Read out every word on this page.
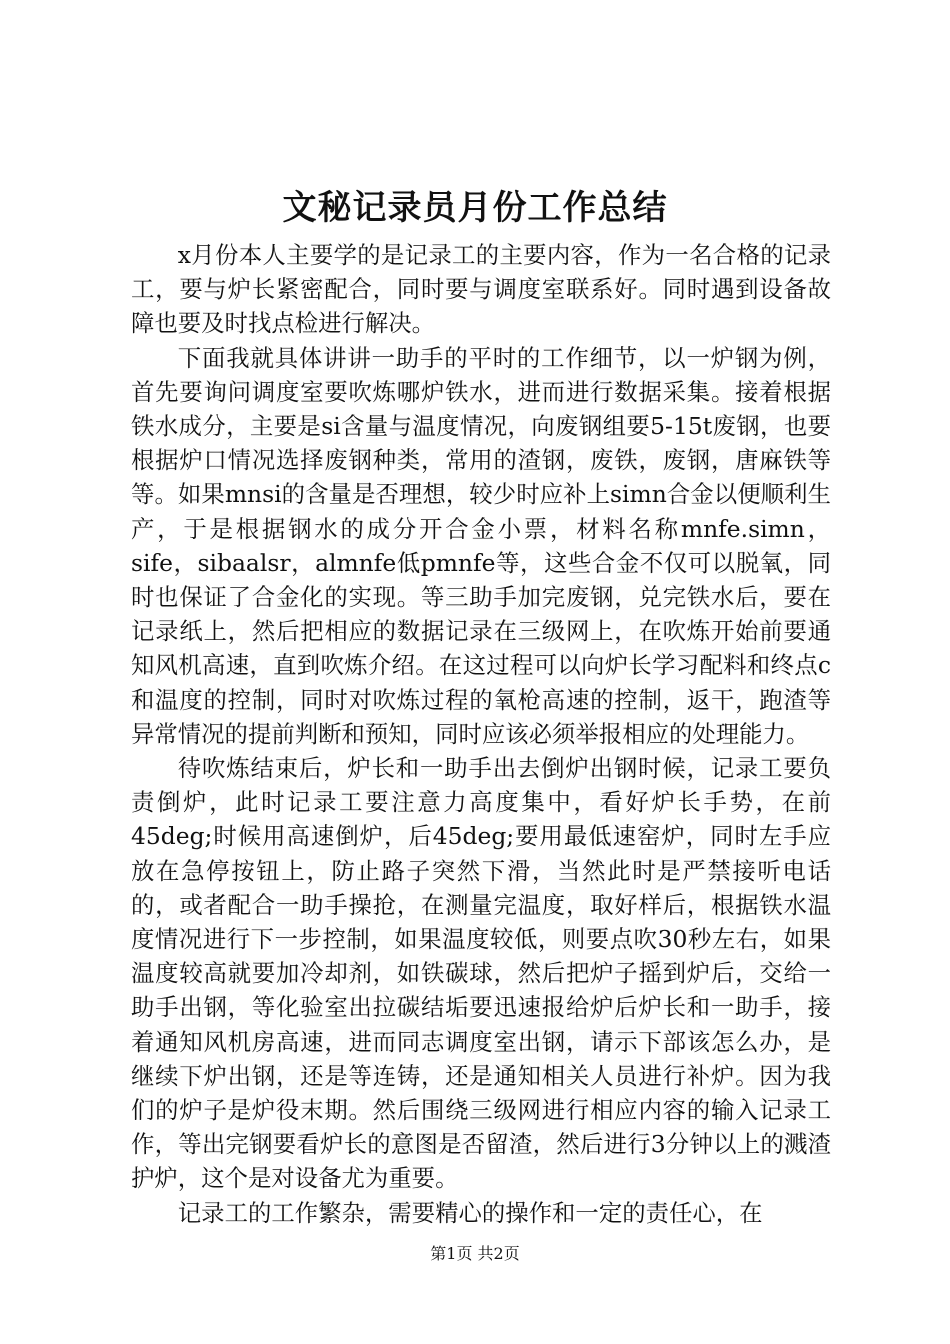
文秘记录员月份工作总结

x月份本人主要学的是记录工的主要内容，作为一名合格的记录工，要与炉长紧密配合，同时要与调度室联系好。同时遇到设备故障也要及时找点检进行解决。

下面我就具体讲讲一助手的平时的工作细节，以一炉钢为例，首先要询问调度室要吹炼哪炉铁水，进而进行数据采集。接着根据铁水成分，主要是si含量与温度情况，向废钢组要5-15t废钢，也要根据炉口情况选择废钢种类，常用的渣钢，废铁，废钢，唐麻铁等等。如果mnsi的含量是否理想，较少时应补上simn合金以便顺利生产，于是根据钢水的成分开合金小票，材料名称mnfe.simn，sife，sibaalsr，almnfe低pmnfe等，这些合金不仅可以脱氧，同时也保证了合金化的实现。等三助手加完废钢，兑完铁水后，要在记录纸上，然后把相应的数据记录在三级网上，在吹炼开始前要通知风机高速，直到吹炼介绍。在这过程可以向炉长学习配料和终点c和温度的控制，同时对吹炼过程的氧枪高速的控制，返干，跑渣等异常情况的提前判断和预知，同时应该必须举报相应的处理能力。

待吹炼结束后，炉长和一助手出去倒炉出钢时候，记录工要负责倒炉，此时记录工要注意力高度集中，看好炉长手势，在前45deg;时候用高速倒炉，后45deg;要用最低速窑炉，同时左手应放在急停按钮上，防止路子突然下滑，当然此时是严禁接听电话的，或者配合一助手操抢，在测量完温度，取好样后，根据铁水温度情况进行下一步控制，如果温度较低，则要点吹30秒左右，如果温度较高就要加冷却剂，如铁碳球，然后把炉子摇到炉后，交给一助手出钢，等化验室出拉碳结垢要迅速报给炉后炉长和一助手，接着通知风机房高速，进而同志调度室出钢，请示下部该怎么办，是继续下炉出钢，还是等连铸，还是通知相关人员进行补炉。因为我们的炉子是炉役末期。然后围绕三级网进行相应内容的输入记录工作，等出完钢要看炉长的意图是否留渣，然后进行3分钟以上的溅渣护炉，这个是对设备尤为重要。

记录工的工作繁杂，需要精心的操作和一定的责任心，在

第1页 共2页
